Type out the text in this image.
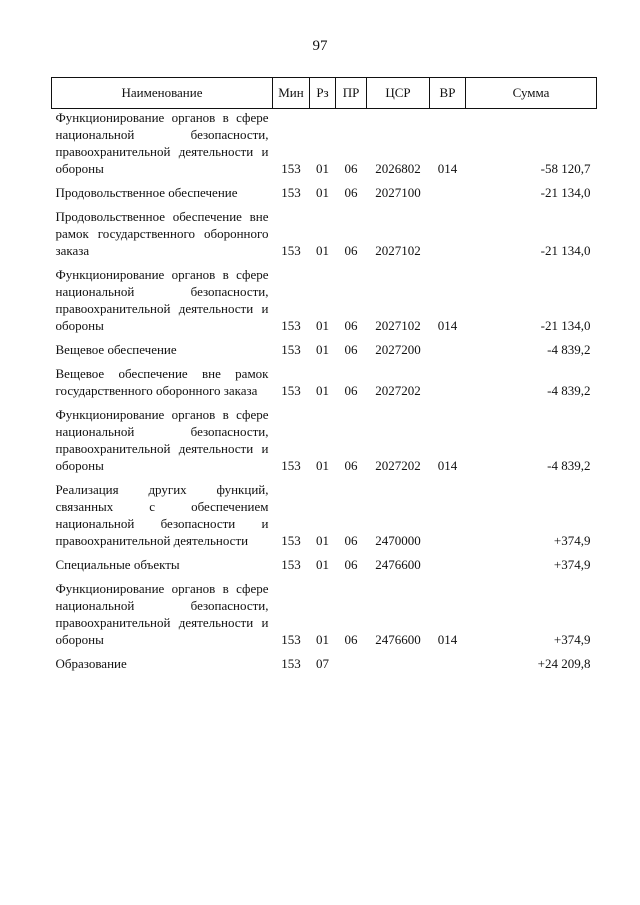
97
Наименование	Мин	Рз	ПР	ЦСР	ВР	Сумма
Функционирование органов в сфере национальной безопасности, правоохранительной деятельности и обороны	153	01	06	2026802	014	-58 120,7
Продовольственное обеспечение	153	01	06	2027100		-21 134,0
Продовольственное обеспечение вне рамок государственного оборонного заказа	153	01	06	2027102		-21 134,0
Функционирование органов в сфере национальной безопасности, правоохранительной деятельности и обороны	153	01	06	2027102	014	-21 134,0
Вещевое обеспечение	153	01	06	2027200		-4 839,2
Вещевое обеспечение вне рамок государственного оборонного заказа	153	01	06	2027202		-4 839,2
Функционирование органов в сфере национальной безопасности, правоохранительной деятельности и обороны	153	01	06	2027202	014	-4 839,2
Реализация других функций, связанных с обеспечением национальной безопасности и правоохранительной деятельности	153	01	06	2470000		+374,9
Специальные объекты	153	01	06	2476600		+374,9
Функционирование органов в сфере национальной безопасности, правоохранительной деятельности и обороны	153	01	06	2476600	014	+374,9
Образование	153	07				+24 209,8
